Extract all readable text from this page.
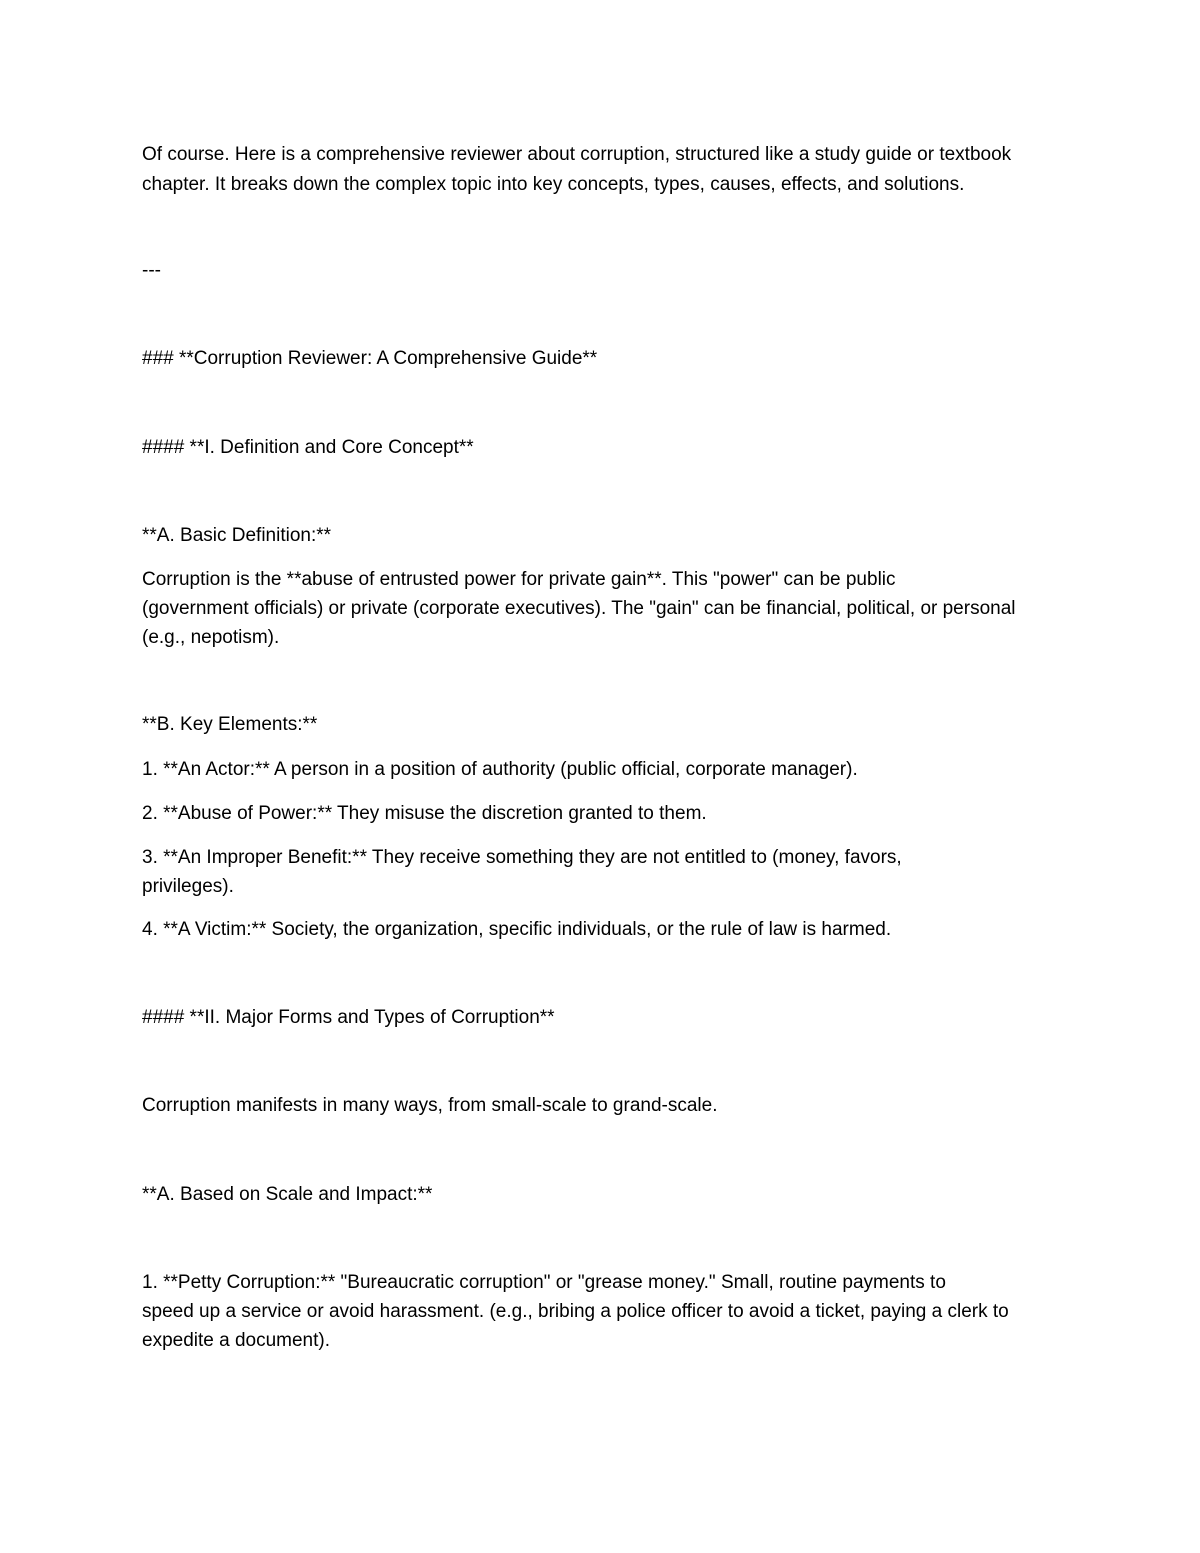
Of course. Here is a comprehensive reviewer about corruption, structured like a study guide or textbook

chapter. It breaks down the complex topic into key concepts, types, causes, effects, and solutions.

---

### **Corruption Reviewer: A Comprehensive Guide**

#### **I. Definition and Core Concept**

**A. Basic Definition:**

Corruption is the **abuse of entrusted power for private gain**. This "power" can be public

(government officials) or private (corporate executives). The "gain" can be financial, political, or personal

(e.g., nepotism).

**B. Key Elements:**

1. **An Actor:** A person in a position of authority (public official, corporate manager).

2. **Abuse of Power:** They misuse the discretion granted to them.

3. **An Improper Benefit:** They receive something they are not entitled to (money, favors,

privileges).

4. **A Victim:** Society, the organization, specific individuals, or the rule of law is harmed.

#### **II. Major Forms and Types of Corruption**

Corruption manifests in many ways, from small-scale to grand-scale.

**A. Based on Scale and Impact:**

1. **Petty Corruption:** "Bureaucratic corruption" or "grease money." Small, routine payments to

speed up a service or avoid harassment. (e.g., bribing a police officer to avoid a ticket, paying a clerk to

expedite a document).
